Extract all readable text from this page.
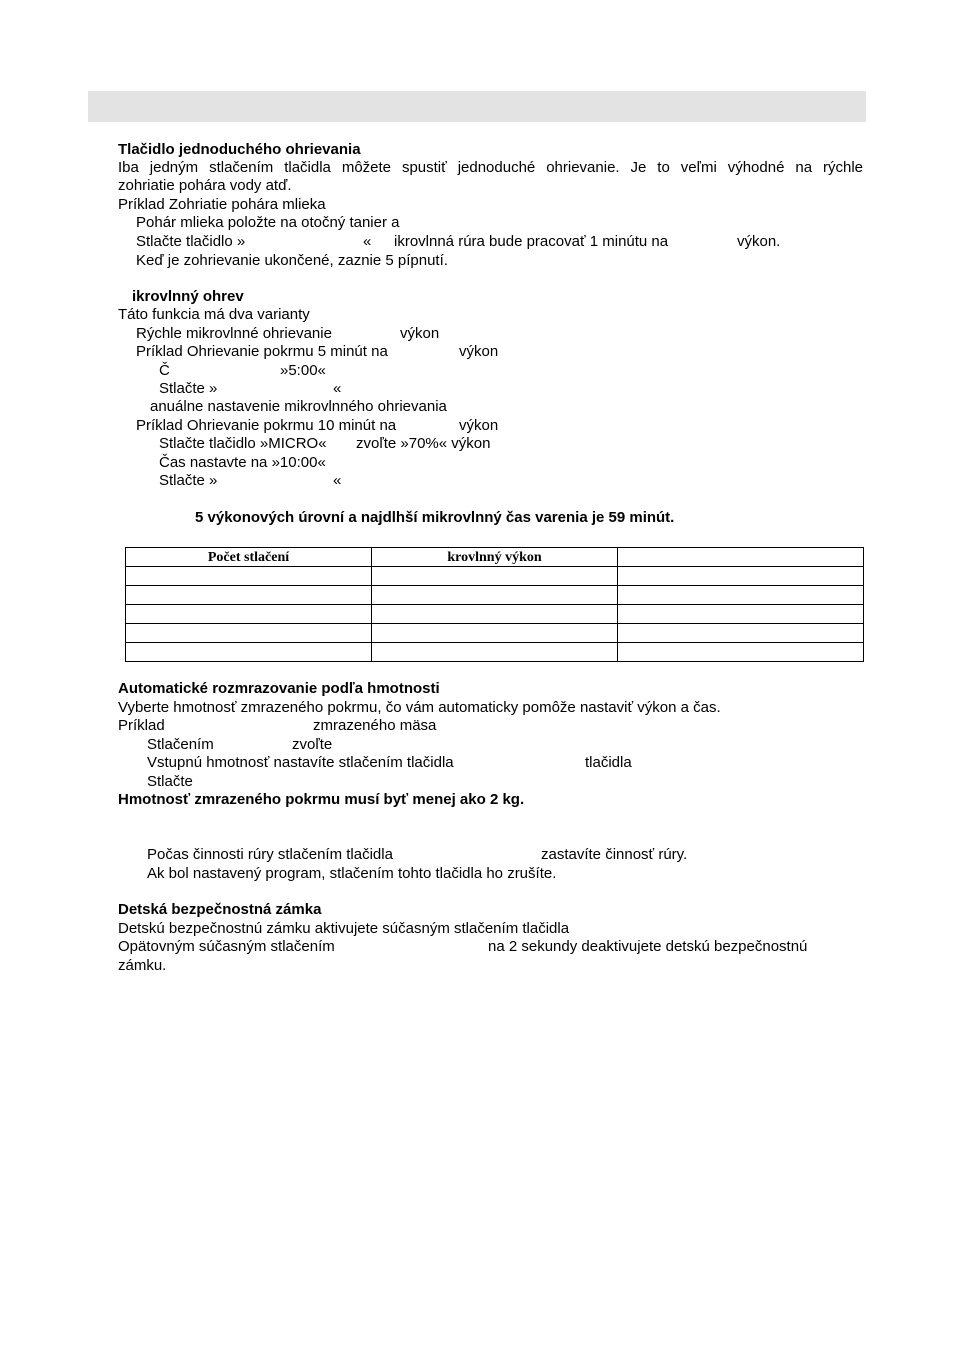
Tlačidlo jednoduchého ohrievania
Iba jedným stlačením tlačidla môžete spustiť jednoduché ohrievanie. Je to veľmi výhodné na rýchle
zohriatie pohára vody atď.
Príklad Zohriatie pohára mlieka
Pohár mlieka položte na otočný tanier a
Stlačte tlačidlo »	« ikrovlnná rúra bude pracovať 1 minútu na	výkon.
Keď je zohrievanie ukončené, zaznie 5 pípnutí.
ikrovlnný ohrev
Táto funkcia má dva varianty
Rýchle mikrovlnné ohrievanie	výkon
Príklad Ohrievanie pokrmu 5 minút na	výkon
Č	»5:00«
Stlačte »	«
anuálne nastavenie mikrovlnného ohrievania
Príklad Ohrievanie pokrmu 10 minút na	výkon
Stlačte tlačidlo »MICRO« zvoľte »70%« výkon
Čas nastavte na »10:00«
Stlačte »	«
5 výkonových úrovní a najdlhší mikrovlnný čas varenia je 59 minút.
Počet stlačení	krovlnný výkon	

Automatické rozmrazovanie podľa hmotnosti
Vyberte hmotnosť zmrazeného pokrmu, čo vám automaticky pomôže nastaviť výkon a čas.
Príklad	zmrazeného mäsa
Stlačením	zvoľte
Vstupnú hmotnosť nastavíte stlačením tlačidla	tlačidla
Stlačte
Hmotnosť zmrazeného pokrmu musí byť menej ako 2 kg.
Počas činnosti rúry stlačením tlačidla	zastavíte činnosť rúry.
Ak bol nastavený program, stlačením tohto tlačidla ho zrušíte.
Detská bezpečnostná zámka
Detskú bezpečnostnú zámku aktivujete súčasným stlačením tlačidla
Opätovným súčasným stlačením	na 2 sekundy deaktivujete detskú bezpečnostnú
zámku.
